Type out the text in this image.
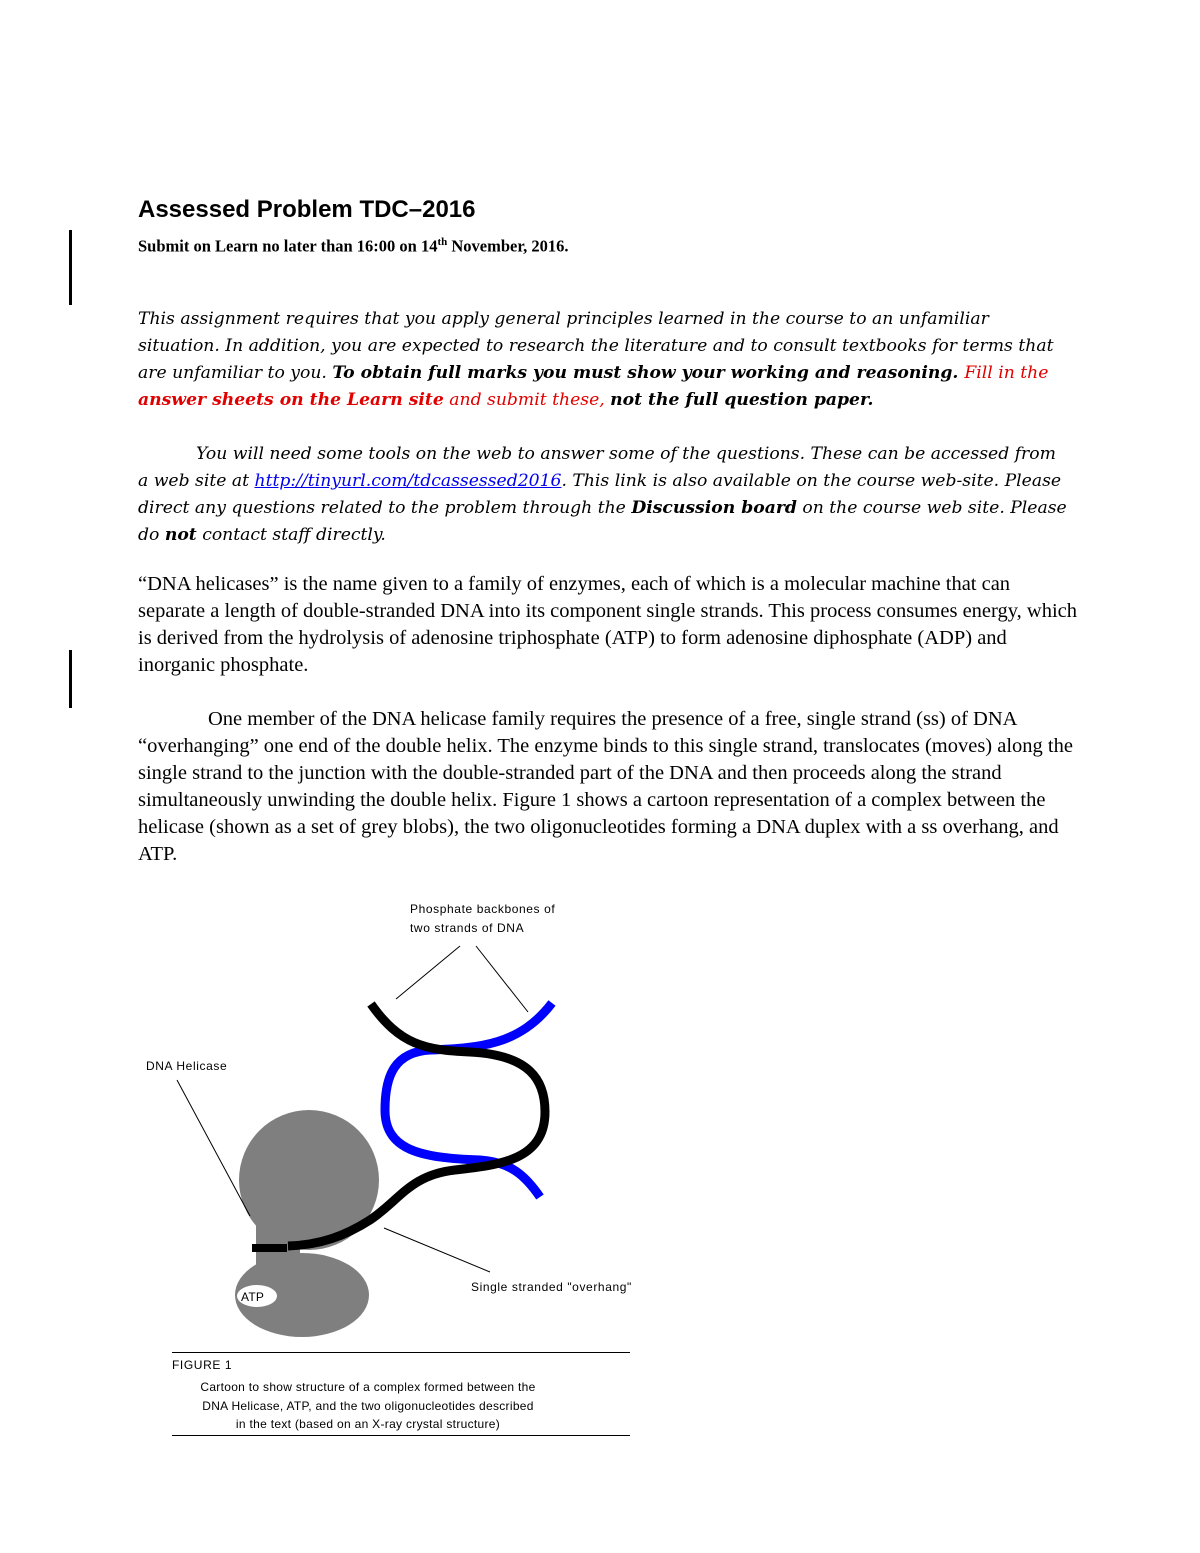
Assessed Problem TDC–2016
Submit on Learn no later than 16:00 on 14th November, 2016.

This assignment requires that you apply general principles learned in the course to an unfamiliar situation. In addition, you are expected to research the literature and to consult textbooks for terms that are unfamiliar to you. To obtain full marks you must show your working and reasoning. Fill in the answer sheets on the Learn site and submit these, not the full question paper.

You will need some tools on the web to answer some of the questions. These can be accessed from a web site at http://tinyurl.com/tdcassessed2016. This link is also available on the course web-site. Please direct any questions related to the problem through the Discussion board on the course web site. Please do not contact staff directly.

“DNA helicases” is the name given to a family of enzymes, each of which is a molecular machine that can separate a length of double-stranded DNA into its component single strands. This process consumes energy, which is derived from the hydrolysis of adenosine triphosphate (ATP) to form adenosine diphosphate (ADP) and inorganic phosphate.

One member of the DNA helicase family requires the presence of a free, single strand (ss) of DNA “overhanging” one end of the double helix. The enzyme binds to this single strand, translocates (moves) along the single strand to the junction with the double-stranded part of the DNA and then proceeds along the strand simultaneously unwinding the double helix. Figure 1 shows a cartoon representation of a complex between the helicase (shown as a set of grey blobs), the two oligonucleotides forming a DNA duplex with a ss overhang, and ATP.

Phosphate backbones of
two strands of DNA
DNA Helicase
Single stranded "overhang"
ATP
FIGURE 1
Cartoon to show structure of a complex formed between the
DNA Helicase, ATP, and the two oligonucleotides described
in the text (based on an X-ray crystal structure)
